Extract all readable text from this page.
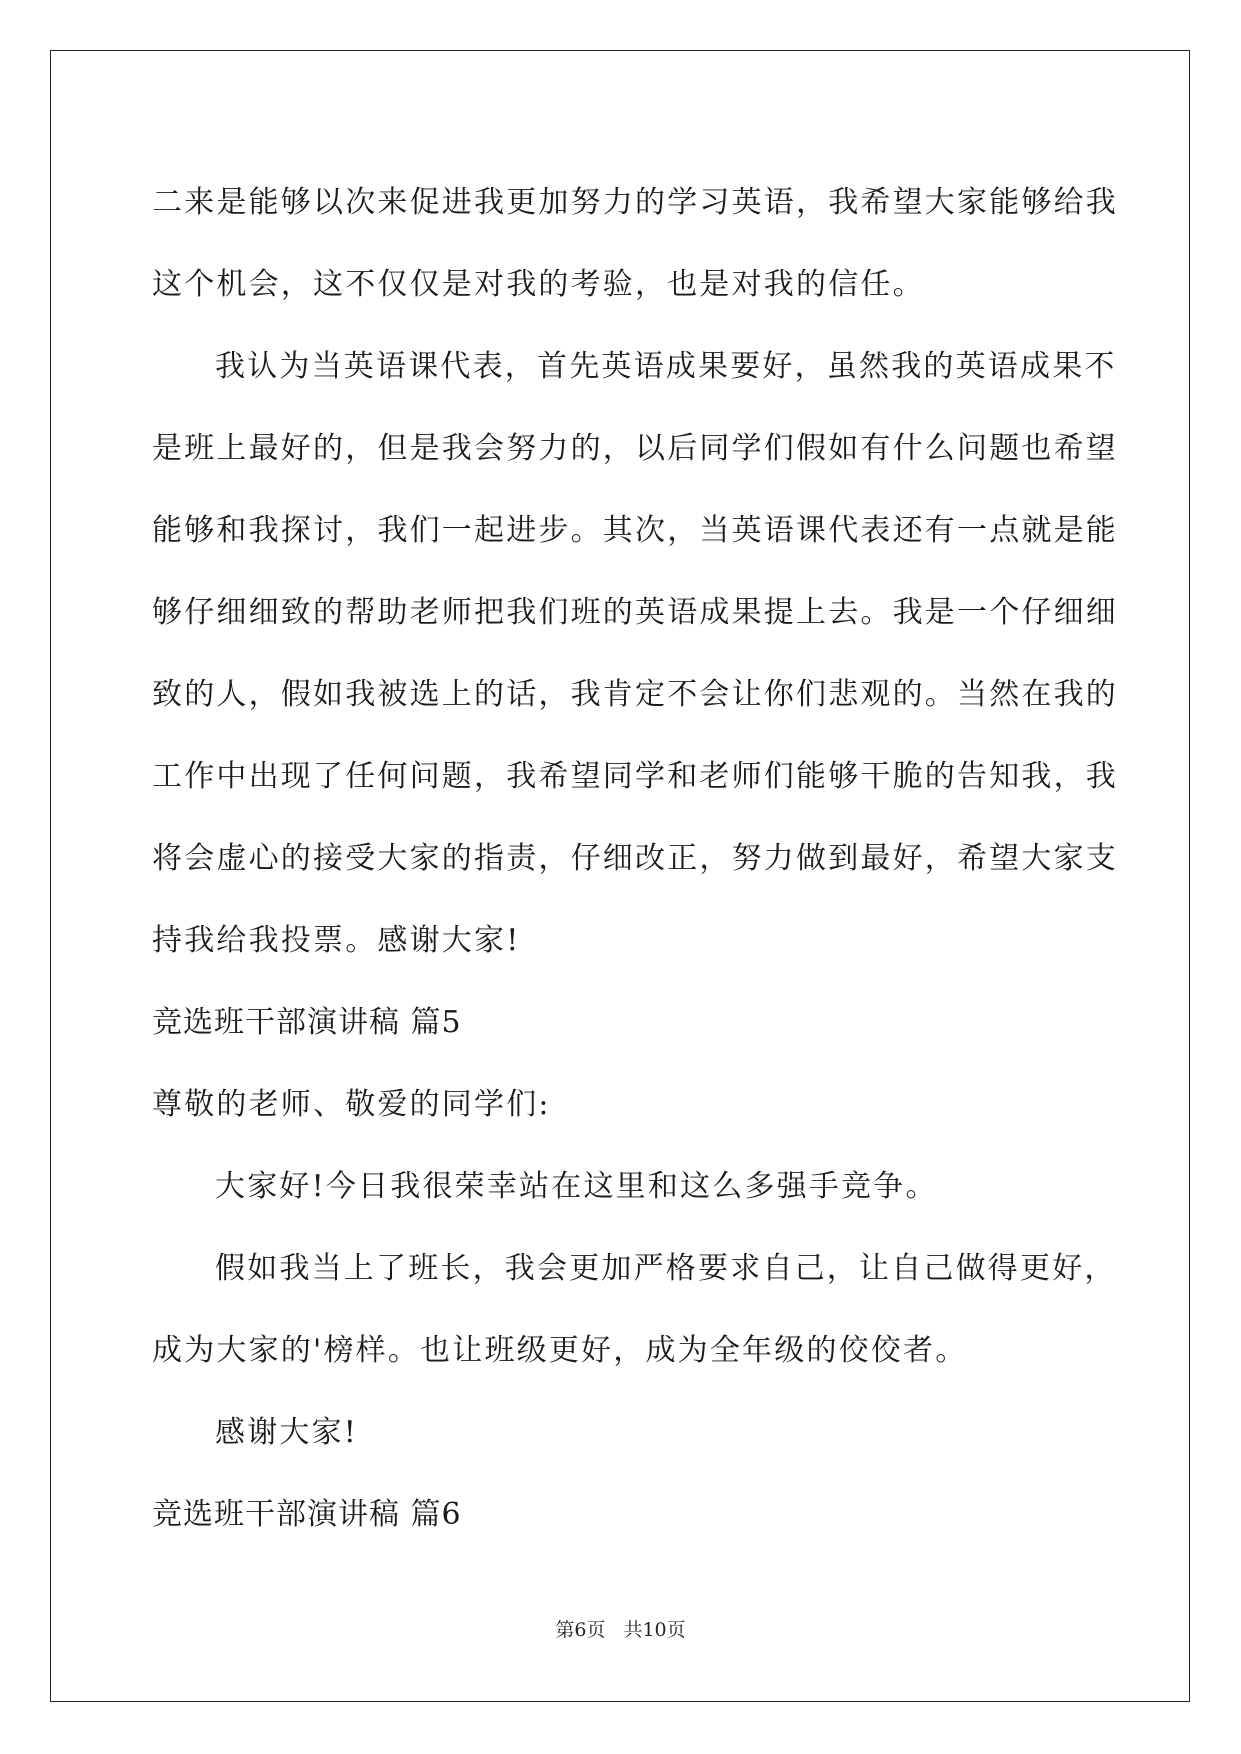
二来是能够以次来促进我更加努力的学习英语，我希望大家能够给我
这个机会，这不仅仅是对我的考验，也是对我的信任。
我认为当英语课代表，首先英语成果要好，虽然我的英语成果不
是班上最好的，但是我会努力的，以后同学们假如有什么问题也希望
能够和我探讨，我们一起进步。其次，当英语课代表还有一点就是能
够仔细细致的帮助老师把我们班的英语成果提上去。我是一个仔细细
致的人，假如我被选上的话，我肯定不会让你们悲观的。当然在我的
工作中出现了任何问题，我希望同学和老师们能够干脆的告知我，我
将会虚心的接受大家的指责，仔细改正，努力做到最好，希望大家支
持我给我投票。感谢大家!
竞选班干部演讲稿 篇5
尊敬的老师、敬爱的同学们:
大家好!今日我很荣幸站在这里和这么多强手竞争。
假如我当上了班长，我会更加严格要求自己，让自己做得更好，
成为大家的'榜样。也让班级更好，成为全年级的佼佼者。
感谢大家!
竞选班干部演讲稿 篇6
第6页 共10页
